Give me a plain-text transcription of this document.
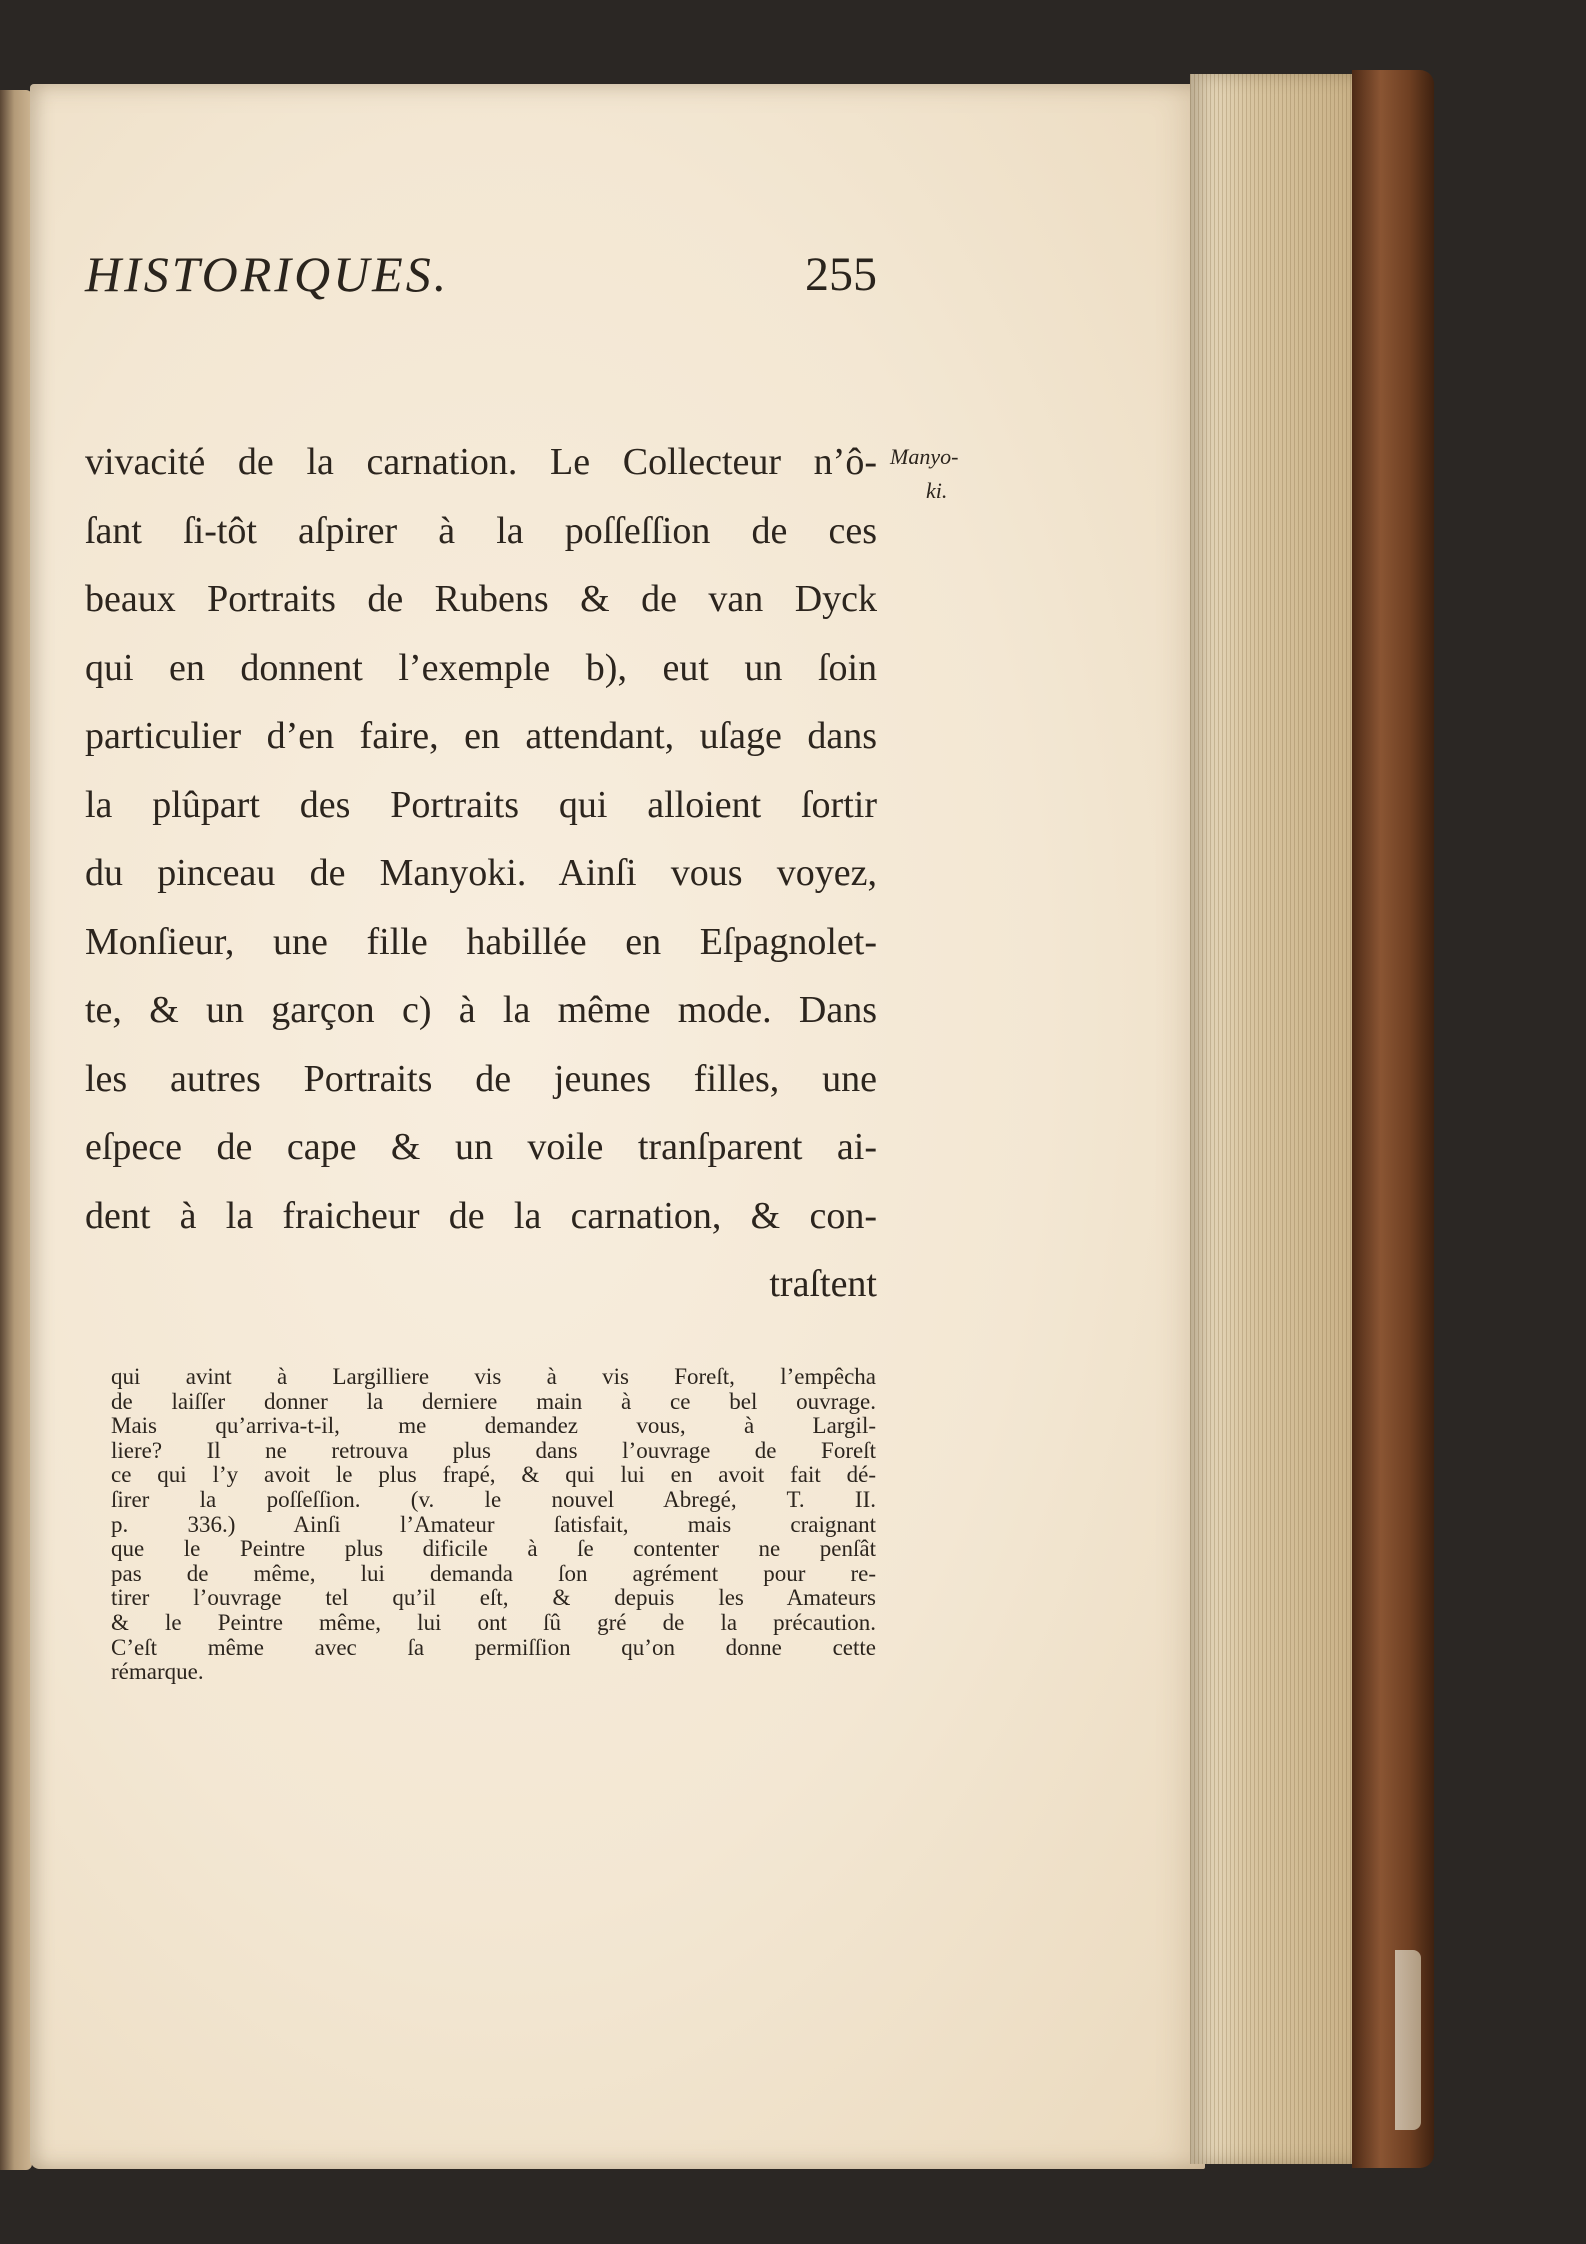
HISTORIQUES.	255
Manyo-
ki.
vivacité de la carnation. Le Collecteur n’ô-
ſant ſi-tôt aſpirer à la poſſeſſion de ces
beaux Portraits de Rubens & de van Dyck
qui en donnent l’exemple b), eut un ſoin
particulier d’en faire, en attendant, uſage dans
la plûpart des Portraits qui alloient ſortir
du pinceau de Manyoki. Ainſi vous voyez,
Monſieur, une fille habillée en Eſpagnolet-
te, & un garçon c) à la même mode. Dans
les autres Portraits de jeunes filles, une
eſpece de cape & un voile tranſparent ai-
dent à la fraicheur de la carnation, & con-
traſtent
qui avint à Largilliere vis à vis Foreſt, l’empêcha
de laiſſer donner la derniere main à ce bel ouvrage.
Mais qu’arriva-t-il, me demandez vous, à Largil-
liere? Il ne retrouva plus dans l’ouvrage de Foreſt
ce qui l’y avoit le plus frapé, & qui lui en avoit fait dé-
ſirer la poſſeſſion. (v. le nouvel Abregé, T. II.
p. 336.) Ainſi l’Amateur ſatisfait, mais craignant
que le Peintre plus dificile à ſe contenter ne penſât
pas de même, lui demanda ſon agrément pour re-
tirer l’ouvrage tel qu’il eſt, & depuis les Amateurs
& le Peintre même, lui ont ſû gré de la précaution.
C’eſt même avec ſa permiſſion qu’on donne cette
rémarque.
